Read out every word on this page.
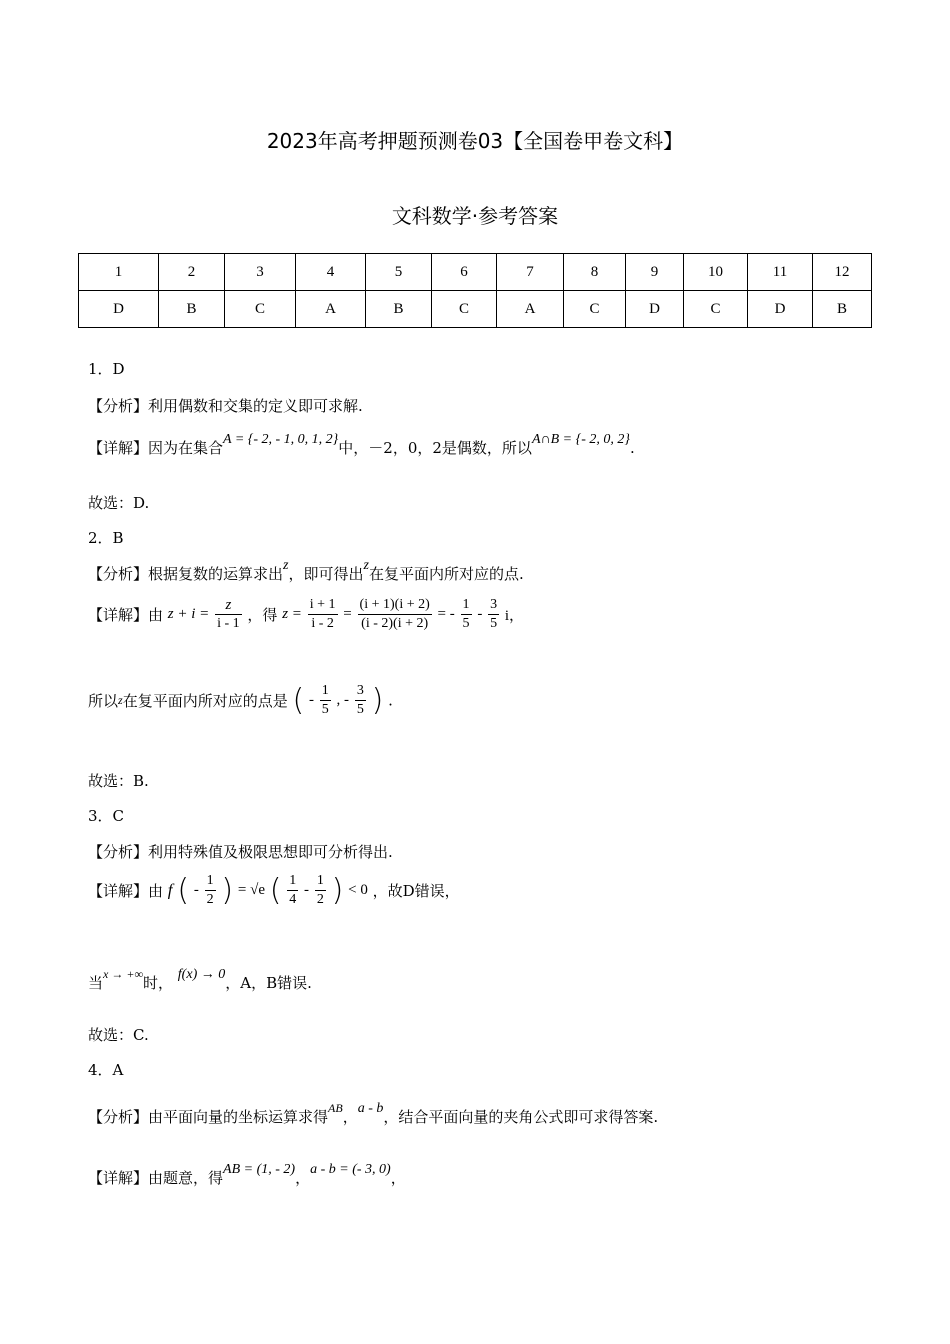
2023年高考押题预测卷03【全国卷甲卷文科】
文科数学·参考答案
1	2	3	4	5	6	7	8	9	10	11	12
D	B	C	A	B	C	A	C	D	C	D	B
1．D
【分析】利用偶数和交集的定义即可求解.
【详解】因为在集合A = {- 2, - 1, 0, 1, 2}中，－2，0，2是偶数，所以A∩B = {- 2, 0, 2}.
故选：D.
2．B
【分析】根据复数的运算求出z，即可得出z在复平面内所对应的点.
【详解】由 $z + i = \frac{z}{i - 1}$ ，得 $z = \frac{i + 1}{i - 2} = \frac{(i + 1)(i + 2)}{(i - 2)(i + 2)}$ = - $\frac{1}{5} - \frac{3}{5}$ i，
所以z在复平面内所对应的点是 ( - $\frac{1}{5}$ , - $\frac{3}{5}$ ) .
故选：B.
3．C
【分析】利用特殊值及极限思想即可分析得出.
【详解】由 f ( - $\frac{1}{2}$ ) = √e ( $\frac{1}{4} - \frac{1}{2}$ ) < 0 ，故D错误，
当$^{x \to +\infty}$时， f(x) → 0，A，B错误.
故选：C.
4．A
【分析】由平面向量的坐标运算求得$^{AB}$，a - b，结合平面向量的夹角公式即可求得答案.
【详解】由题意，得AB = (1, - 2)，a - b = (- 3, 0)，
